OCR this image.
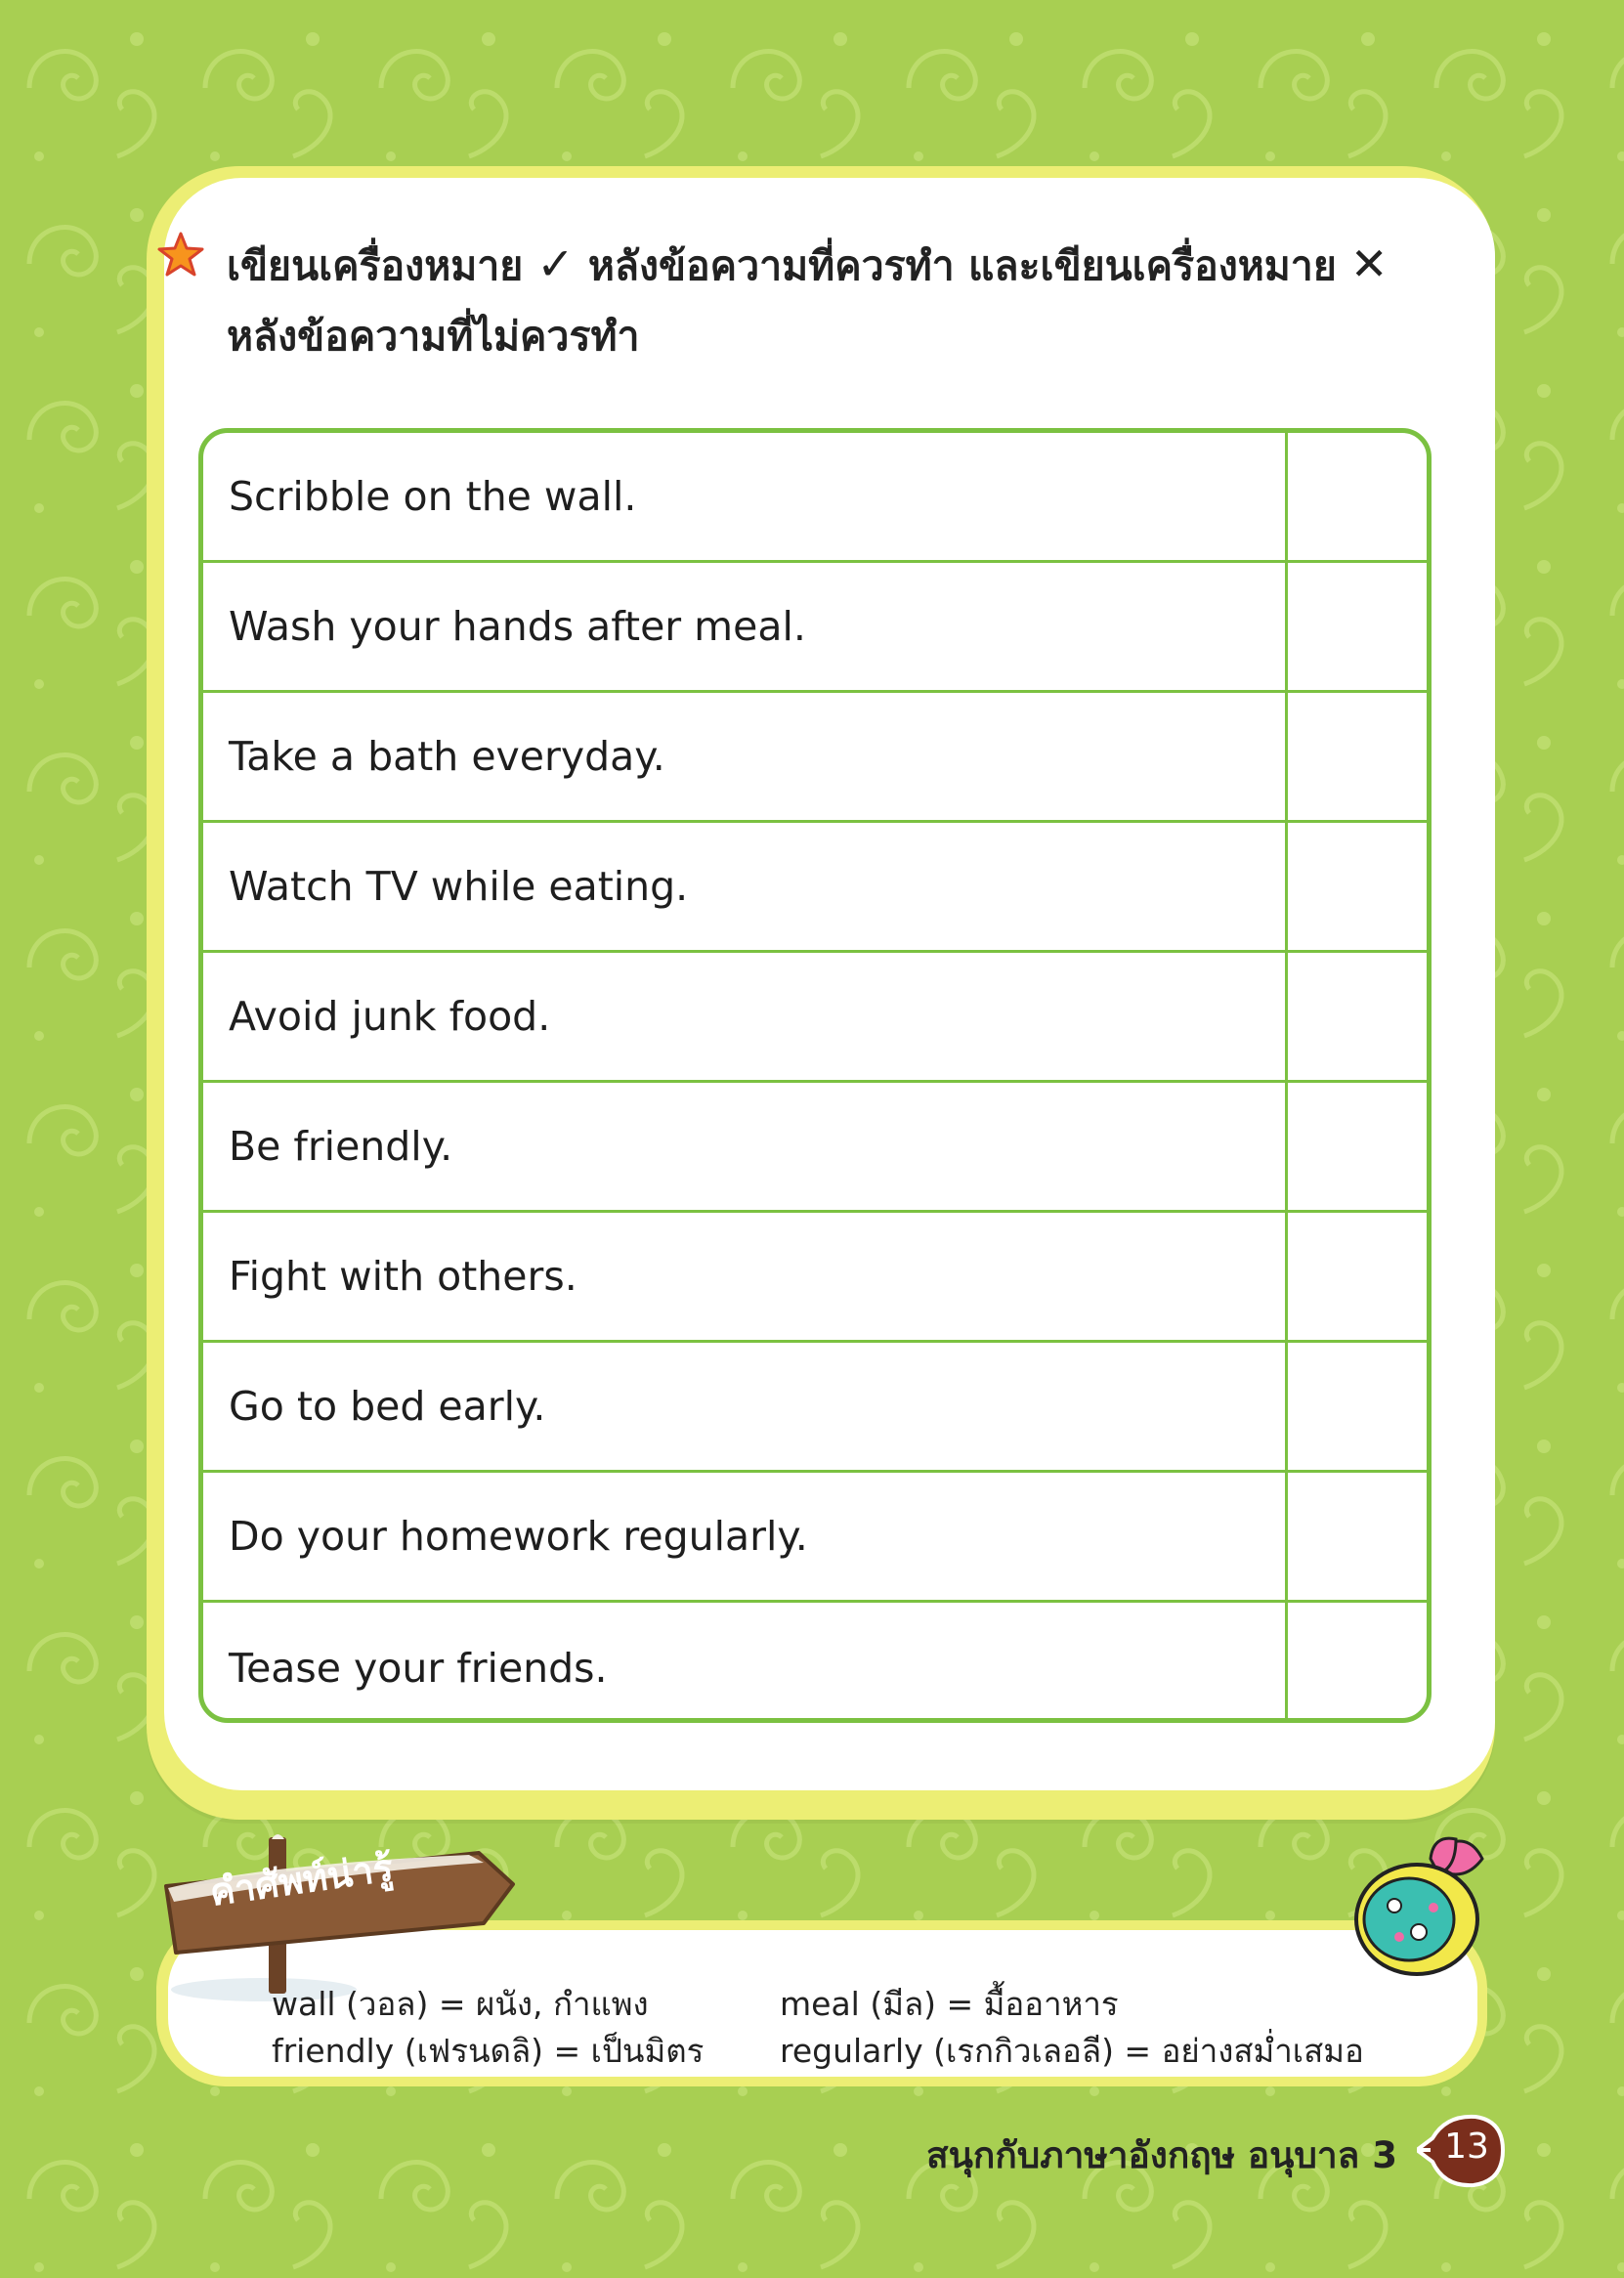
เขียนเครื่องหมาย ✓ หลังข้อความที่ควรทำ และเขียนเครื่องหมาย ✕
หลังข้อความที่ไม่ควรทำ
Scribble on the wall.
Wash your hands after meal.
Take a bath everyday.
Watch TV while eating.
Avoid junk food.
Be friendly.
Fight with others.
Go to bed early.
Do your homework regularly.
Tease your friends.
คำศัพท์น่ารู้
wall (วอล) = ผนัง, กำแพง	meal (มีล) = มื้ออาหาร
friendly (เฟรนดลิ) = เป็นมิตร regularly (เรกกิวเลอลี) = อย่างสม่ำเสมอ
สนุกกับภาษาอังกฤษ อนุบาล 3	13
